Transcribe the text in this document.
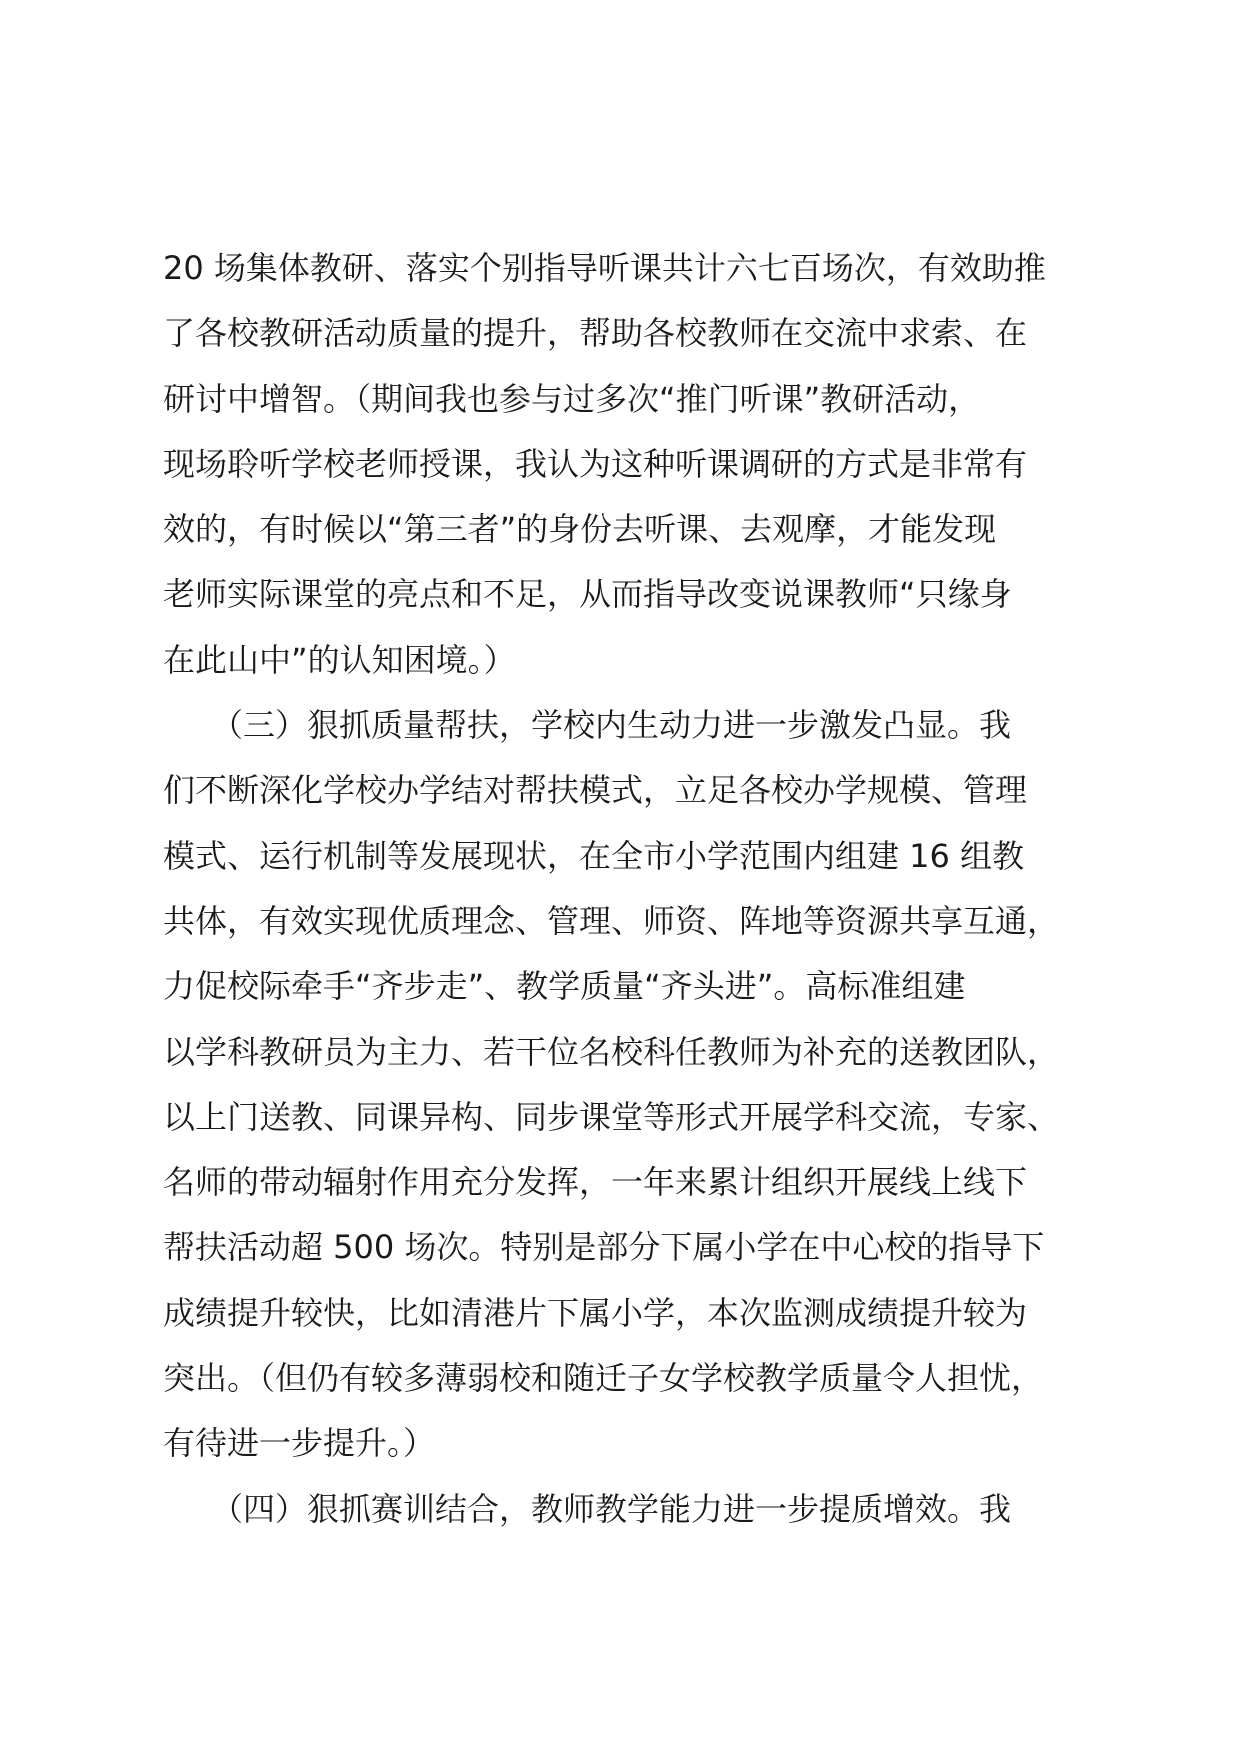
20 场集体教研、落实个别指导听课共计六七百场次，有效助推
了各校教研活动质量的提升，帮助各校教师在交流中求索、在
研讨中增智。（期间我也参与过多次“推门听课”教研活动，
现场聆听学校老师授课，我认为这种听课调研的方式是非常有
效的，有时候以“第三者”的身份去听课、去观摩，才能发现
老师实际课堂的亮点和不足，从而指导改变说课教师“只缘身
在此山中”的认知困境。）
　　（三）狠抓质量帮扶，学校内生动力进一步激发凸显。我
们不断深化学校办学结对帮扶模式，立足各校办学规模、管理
模式、运行机制等发展现状，在全市小学范围内组建 16 组教
共体，有效实现优质理念、管理、师资、阵地等资源共享互通，
力促校际牵手“齐步走”、教学质量“齐头进”。高标准组建
以学科教研员为主力、若干位名校科任教师为补充的送教团队，
以上门送教、同课异构、同步课堂等形式开展学科交流，专家、
名师的带动辐射作用充分发挥，一年来累计组织开展线上线下
帮扶活动超 500 场次。特别是部分下属小学在中心校的指导下
成绩提升较快，比如清港片下属小学，本次监测成绩提升较为
突出。（但仍有较多薄弱校和随迁子女学校教学质量令人担忧，
有待进一步提升。）
　　（四）狠抓赛训结合，教师教学能力进一步提质增效。我
